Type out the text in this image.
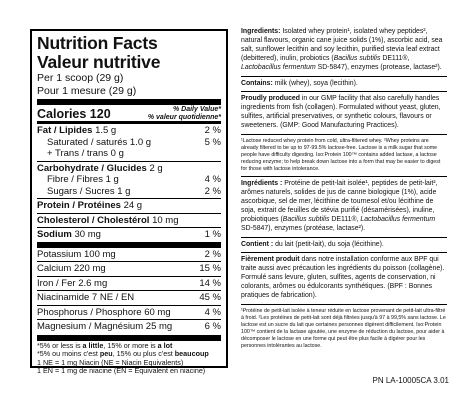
Nutrition Facts
Valeur nutritive
Per 1 scoop (29 g)
Pour 1 mesure (29 g)
Calories 120	% Daily Value*
% valeur quotidienne*
Fat / Lipides 1.5 g	2 %
Saturated / saturés 1.0 g	5 %
+ Trans / trans 0 g
Carbohydrate / Glucides 2 g
Fibre / Fibres 1 g	4 %
Sugars / Sucres 1 g	2 %
Protein / Protéines 24 g
Cholesterol / Cholestérol 10 mg
Sodium 30 mg	1 %
Potassium 100 mg	2 %
Calcium 220 mg	15 %
Iron / Fer 2.6 mg	14 %
Niacinamide 7 NE / EN	45 %
Phosphorus / Phosphore 60 mg	4 %
Magnesium / Magnésium 25 mg	6 %
*5% or less is a little, 15% or more is a lot
*5% ou moins c'est peu, 15% ou plus c'est beaucoup
1 NE = 1 mg Niacin (NE = Niacin Equivalents)
1 EN = 1 mg de niacine (EN = Équivalent en niacine)

Ingredients: Isolated whey protein¹, isolated whey peptides², natural flavours, organic cane juice solids (1%), ascorbic acid, sea salt, sunflower lecithin and soy lecithin, purified stevia leaf extract (debittered), inulin, probiotics (Bacillus subtilis DE111®, Lactobacillus fermentum SD-5847), enzymes (protease, lactase²).

Contains: milk (whey), soya (lecithin).

Proudly produced in our GMP facility that also carefully handles ingredients from fish (collagen). Formulated without yeast, gluten, sulfites, artificial preservatives, or synthetic colours, flavours or sweeteners. (GMP: Good Manufacturing Practices).

¹Lactose reduced whey protein from cold, ultra-filtered whey. ²Whey proteins are already filtered to be up to 97-99.5% lactose-free. Lactose is a milk sugar that some people have difficulty digesting. Iso:Protein 100™ contains added lactase, a lactose reducing enzyme; to help break down lactose into a form that may be easier to digest for those with lactose intolerance.

Ingrédients : Protéine de petit-lait isolée¹, peptides de petit-lait², arômes naturels, solides de jus de canne biologique (1%), acide ascorbique, sel de mer, lécithine de tournesol et/ou lécithine de soja, extrait de feuilles de stévia purifié (désamérisées), inuline, probiotiques (Bacillus subtilis DE111®, Lactobacillus fermentum SD-5847), enzymes (protéase, lactase²).

Contient : du lait (petit-lait), du soja (lécithine).

Fièrement produit dans notre installation conforme aux BPF qui traite aussi avec précaution les ingrédients du poisson (collagène). Formulé sans levure, gluten, sulfites, agents de conservation, ni colorants, arômes ou édulcorants synthétiques. (BPF : Bonnes pratiques de fabrication).

¹Protéine de petit-lait isolée à teneur réduite en lactose provenant de petit-lait ultra-filtré à froid. ²Les protéines de petit-lait sont déjà filtrées jusqu'à 97 à 99,5% sans lactose. Le lactose est un sucre du lait que certaines personnes digèrent difficilement. Iso:Protein 100™ contient de la lactase ajoutée, une enzyme de réduction du lactose, pour aider à décomposer le lactose en une forme qui peut être plus facile à digérer pour les personnes intolérantes au lactose.

PN LA-10005CA 3.01
